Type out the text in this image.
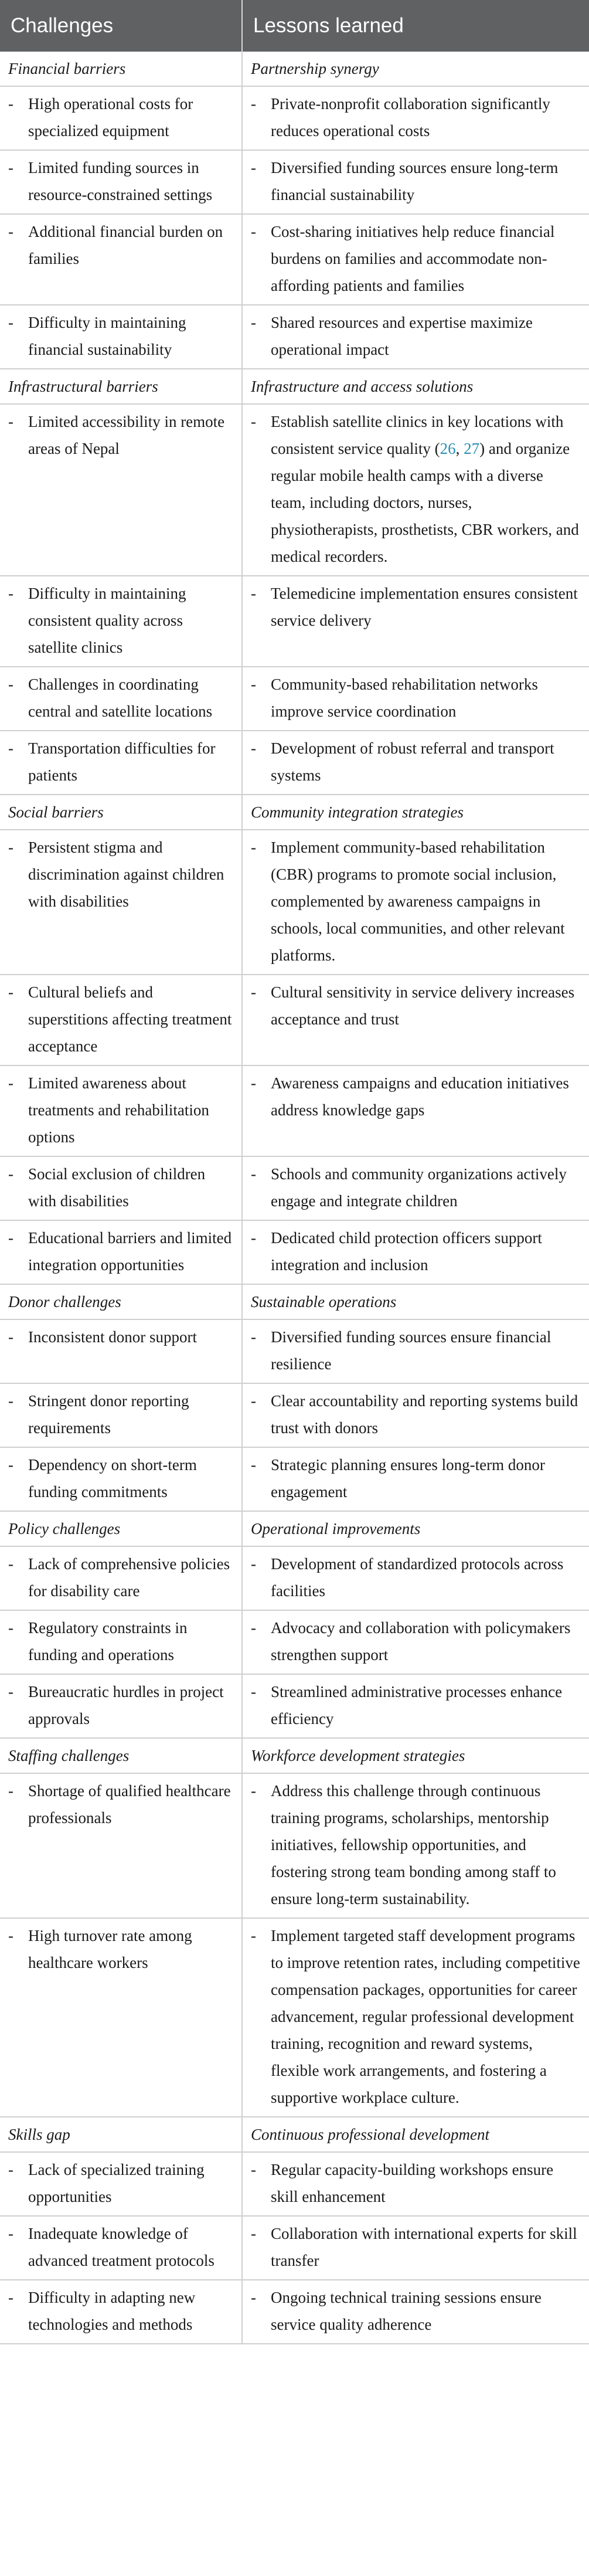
Challenges	Lessons learned
Financial barriers	Partnership synergy

- High operational costs for specialized equipment	- Private-nonprofit collaboration significantly reduces operational costs

- Limited funding sources in resource-constrained settings	- Diversified funding sources ensure long-term financial sustainability

- Additional financial burden on families	- Cost-sharing initiatives help reduce financial burdens on families and accommodate non-affording patients and families

- Difficulty in maintaining financial sustainability	- Shared resources and expertise maximize operational impact

Infrastructural barriers	Infrastructure and access solutions

- Limited accessibility in remote areas of Nepal	- Establish satellite clinics in key locations with consistent service quality (26, 27) and organize regular mobile health camps with a diverse team, including doctors, nurses, physiotherapists, prosthetists, CBR workers, and medical recorders.

- Difficulty in maintaining consistent quality across satellite clinics	- Telemedicine implementation ensures consistent service delivery

- Challenges in coordinating central and satellite locations	- Community-based rehabilitation networks improve service coordination

- Transportation difficulties for patients	- Development of robust referral and transport systems

Social barriers	Community integration strategies

- Persistent stigma and discrimination against children with disabilities	- Implement community-based rehabilitation (CBR) programs to promote social inclusion, complemented by awareness campaigns in schools, local communities, and other relevant platforms.

- Cultural beliefs and superstitions affecting treatment acceptance	- Cultural sensitivity in service delivery increases acceptance and trust

- Limited awareness about treatments and rehabilitation options	- Awareness campaigns and education initiatives address knowledge gaps

- Social exclusion of children with disabilities	- Schools and community organizations actively engage and integrate children

- Educational barriers and limited integration opportunities	- Dedicated child protection officers support integration and inclusion

Donor challenges	Sustainable operations

- Inconsistent donor support	- Diversified funding sources ensure financial resilience

- Stringent donor reporting requirements	- Clear accountability and reporting systems build trust with donors

- Dependency on short-term funding commitments	- Strategic planning ensures long-term donor engagement

Policy challenges	Operational improvements

- Lack of comprehensive policies for disability care	- Development of standardized protocols across facilities

- Regulatory constraints in funding and operations	- Advocacy and collaboration with policymakers strengthen support

- Bureaucratic hurdles in project approvals	- Streamlined administrative processes enhance efficiency

Staffing challenges	Workforce development strategies

- Shortage of qualified healthcare professionals	- Address this challenge through continuous training programs, scholarships, mentorship initiatives, fellowship opportunities, and fostering strong team bonding among staff to ensure long-term sustainability.

- High turnover rate among healthcare workers	- Implement targeted staff development programs to improve retention rates, including competitive compensation packages, opportunities for career advancement, regular professional development training, recognition and reward systems, flexible work arrangements, and fostering a supportive workplace culture.

Skills gap	Continuous professional development

- Lack of specialized training opportunities	- Regular capacity-building workshops ensure skill enhancement

- Inadequate knowledge of advanced treatment protocols	- Collaboration with international experts for skill transfer

- Difficulty in adapting new technologies and methods	- Ongoing technical training sessions ensure service quality adherence
